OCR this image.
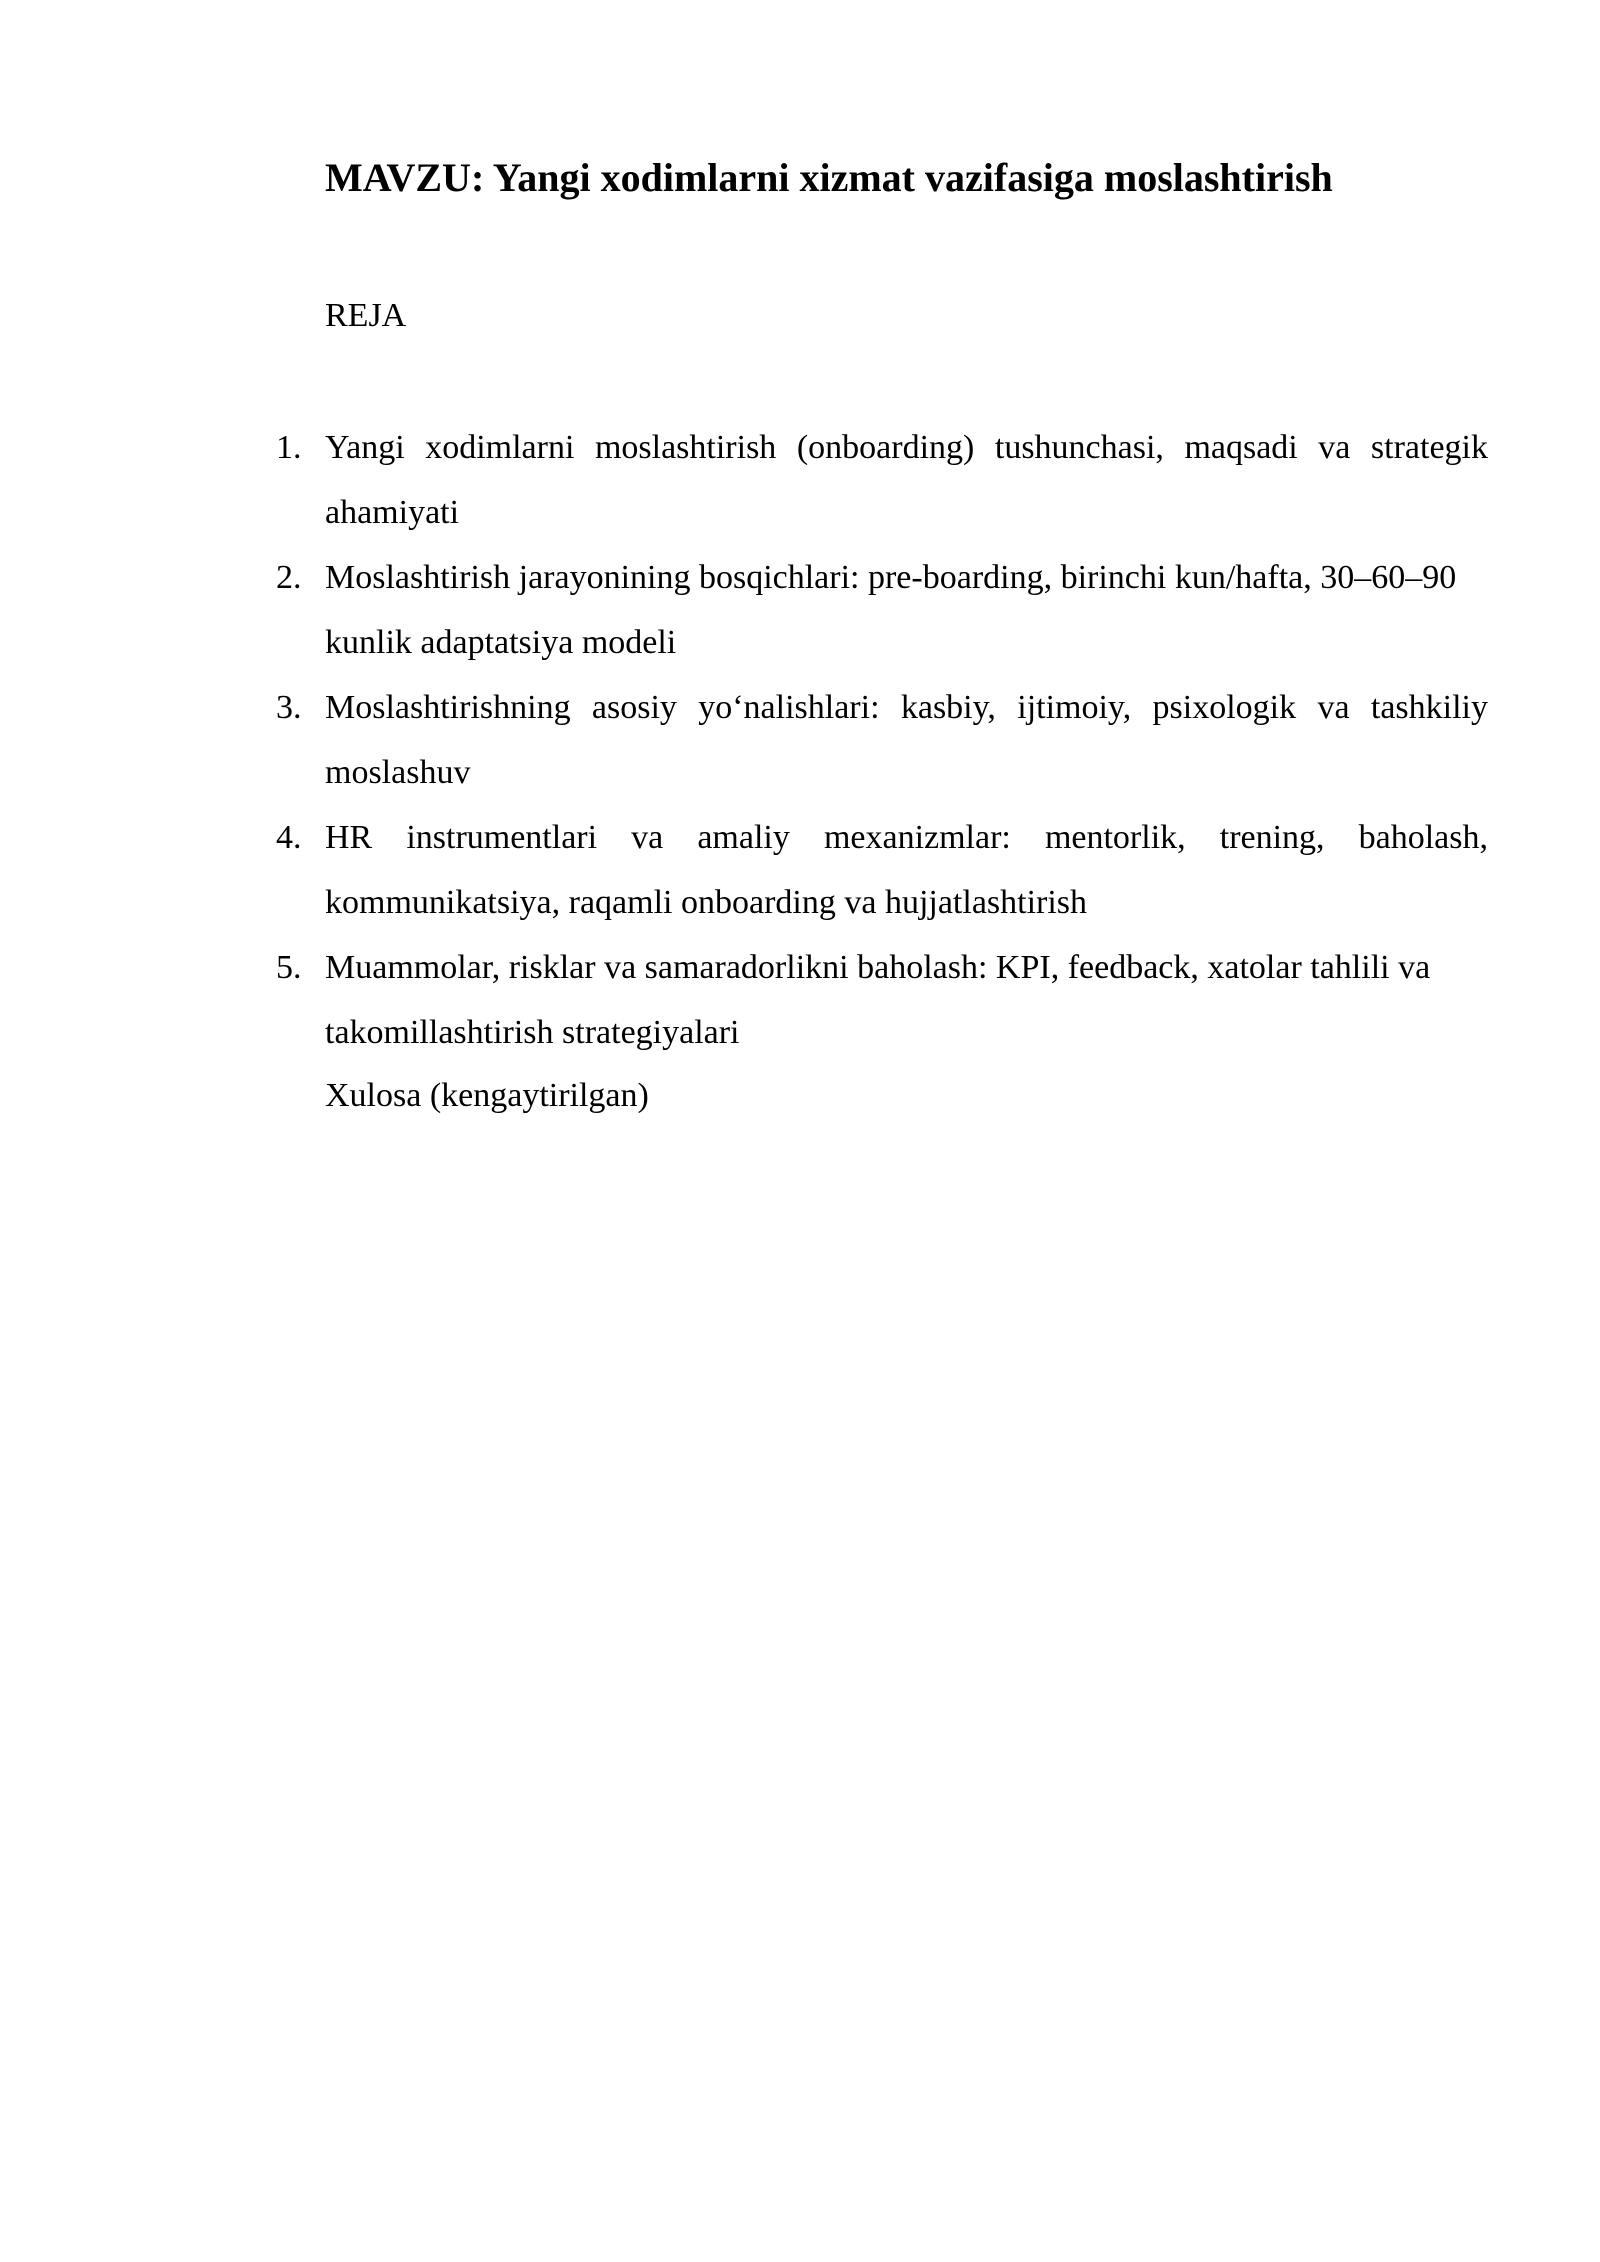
MAVZU: Yangi xodimlarni xizmat vazifasiga moslashtirish

REJA

1. Yangi xodimlarni moslashtirish (onboarding) tushunchasi, maqsadi va strategik ahamiyati
2. Moslashtirish jarayonining bosqichlari: pre-boarding, birinchi kun/hafta, 30–60–90 kunlik adaptatsiya modeli
3. Moslashtirishning asosiy yo‘nalishlari: kasbiy, ijtimoiy, psixologik va tashkiliy moslashuv
4. HR instrumentlari va amaliy mexanizmlar: mentorlik, trening, baholash, kommunikatsiya, raqamli onboarding va hujjatlashtirish
5. Muammolar, risklar va samaradorlikni baholash: KPI, feedback, xatolar tahlili va takomillashtirish strategiyalari

Xulosa (kengaytirilgan)
